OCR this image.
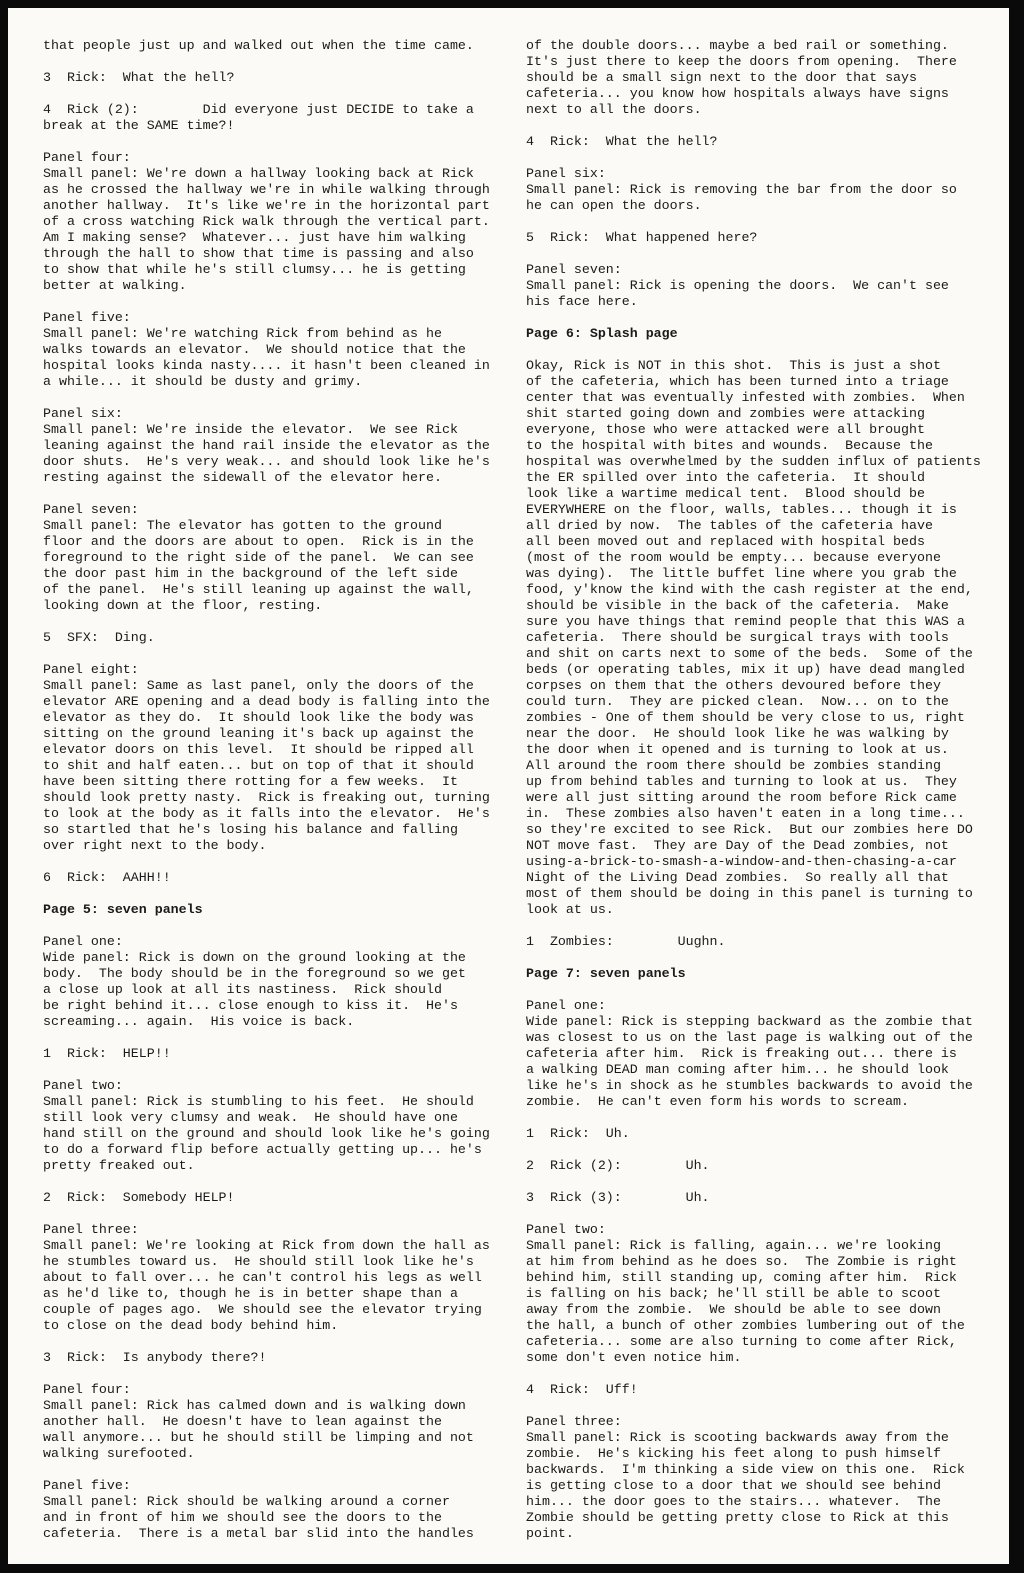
that people just up and walked out when the time came.
3  Rick:  What the hell?
4  Rick (2):        Did everyone just DECIDE to take a
break at the SAME time?!
Panel four:
Small panel: We're down a hallway looking back at Rick
as he crossed the hallway we're in while walking through
another hallway.  It's like we're in the horizontal part
of a cross watching Rick walk through the vertical part.
Am I making sense?  Whatever... just have him walking
through the hall to show that time is passing and also
to show that while he's still clumsy... he is getting
better at walking.
Panel five:
Small panel: We're watching Rick from behind as he
walks towards an elevator.  We should notice that the
hospital looks kinda nasty.... it hasn't been cleaned in
a while... it should be dusty and grimy.
Panel six:
Small panel: We're inside the elevator.  We see Rick
leaning against the hand rail inside the elevator as the
door shuts.  He's very weak... and should look like he's
resting against the sidewall of the elevator here.
Panel seven:
Small panel: The elevator has gotten to the ground
floor and the doors are about to open.  Rick is in the
foreground to the right side of the panel.  We can see
the door past him in the background of the left side
of the panel.  He's still leaning up against the wall,
looking down at the floor, resting.
5  SFX:  Ding.
Panel eight:
Small panel: Same as last panel, only the doors of the
elevator ARE opening and a dead body is falling into the
elevator as they do.  It should look like the body was
sitting on the ground leaning it's back up against the
elevator doors on this level.  It should be ripped all
to shit and half eaten... but on top of that it should
have been sitting there rotting for a few weeks.  It
should look pretty nasty.  Rick is freaking out, turning
to look at the body as it falls into the elevator.  He's
so startled that he's losing his balance and falling
over right next to the body.
6  Rick:  AAHH!!
Page 5: seven panels
Panel one:
Wide panel: Rick is down on the ground looking at the
body.  The body should be in the foreground so we get
a close up look at all its nastiness.  Rick should
be right behind it... close enough to kiss it.  He's
screaming... again.  His voice is back.
1  Rick:  HELP!!
Panel two:
Small panel: Rick is stumbling to his feet.  He should
still look very clumsy and weak.  He should have one
hand still on the ground and should look like he's going
to do a forward flip before actually getting up... he's
pretty freaked out.
2  Rick:  Somebody HELP!
Panel three:
Small panel: We're looking at Rick from down the hall as
he stumbles toward us.  He should still look like he's
about to fall over... he can't control his legs as well
as he'd like to, though he is in better shape than a
couple of pages ago.  We should see the elevator trying
to close on the dead body behind him.
3  Rick:  Is anybody there?!
Panel four:
Small panel: Rick has calmed down and is walking down
another hall.  He doesn't have to lean against the
wall anymore... but he should still be limping and not
walking surefooted.
Panel five:
Small panel: Rick should be walking around a corner
and in front of him we should see the doors to the
cafeteria.  There is a metal bar slid into the handles
of the double doors... maybe a bed rail or something.
It's just there to keep the doors from opening.  There
should be a small sign next to the door that says
cafeteria... you know how hospitals always have signs
next to all the doors.
4  Rick:  What the hell?
Panel six:
Small panel: Rick is removing the bar from the door so
he can open the doors.
5  Rick:  What happened here?
Panel seven:
Small panel: Rick is opening the doors.  We can't see
his face here.
Page 6: Splash page
Okay, Rick is NOT in this shot.  This is just a shot
of the cafeteria, which has been turned into a triage
center that was eventually infested with zombies.  When
shit started going down and zombies were attacking
everyone, those who were attacked were all brought
to the hospital with bites and wounds.  Because the
hospital was overwhelmed by the sudden influx of patients
the ER spilled over into the cafeteria.  It should
look like a wartime medical tent.  Blood should be
EVERYWHERE on the floor, walls, tables... though it is
all dried by now.  The tables of the cafeteria have
all been moved out and replaced with hospital beds
(most of the room would be empty... because everyone
was dying).  The little buffet line where you grab the
food, y'know the kind with the cash register at the end,
should be visible in the back of the cafeteria.  Make
sure you have things that remind people that this WAS a
cafeteria.  There should be surgical trays with tools
and shit on carts next to some of the beds.  Some of the
beds (or operating tables, mix it up) have dead mangled
corpses on them that the others devoured before they
could turn.  They are picked clean.  Now... on to the
zombies - One of them should be very close to us, right
near the door.  He should look like he was walking by
the door when it opened and is turning to look at us.
All around the room there should be zombies standing
up from behind tables and turning to look at us.  They
were all just sitting around the room before Rick came
in.  These zombies also haven't eaten in a long time...
so they're excited to see Rick.  But our zombies here DO
NOT move fast.  They are Day of the Dead zombies, not
using-a-brick-to-smash-a-window-and-then-chasing-a-car
Night of the Living Dead zombies.  So really all that
most of them should be doing in this panel is turning to
look at us.
1  Zombies:        Uughn.
Page 7: seven panels
Panel one:
Wide panel: Rick is stepping backward as the zombie that
was closest to us on the last page is walking out of the
cafeteria after him.  Rick is freaking out... there is
a walking DEAD man coming after him... he should look
like he's in shock as he stumbles backwards to avoid the
zombie.  He can't even form his words to scream.
1  Rick:  Uh.
2  Rick (2):        Uh.
3  Rick (3):        Uh.
Panel two:
Small panel: Rick is falling, again... we're looking
at him from behind as he does so.  The Zombie is right
behind him, still standing up, coming after him.  Rick
is falling on his back; he'll still be able to scoot
away from the zombie.  We should be able to see down
the hall, a bunch of other zombies lumbering out of the
cafeteria... some are also turning to come after Rick,
some don't even notice him.
4  Rick:  Uff!
Panel three:
Small panel: Rick is scooting backwards away from the
zombie.  He's kicking his feet along to push himself
backwards.  I'm thinking a side view on this one.  Rick
is getting close to a door that we should see behind
him... the door goes to the stairs... whatever.  The
Zombie should be getting pretty close to Rick at this
point.
